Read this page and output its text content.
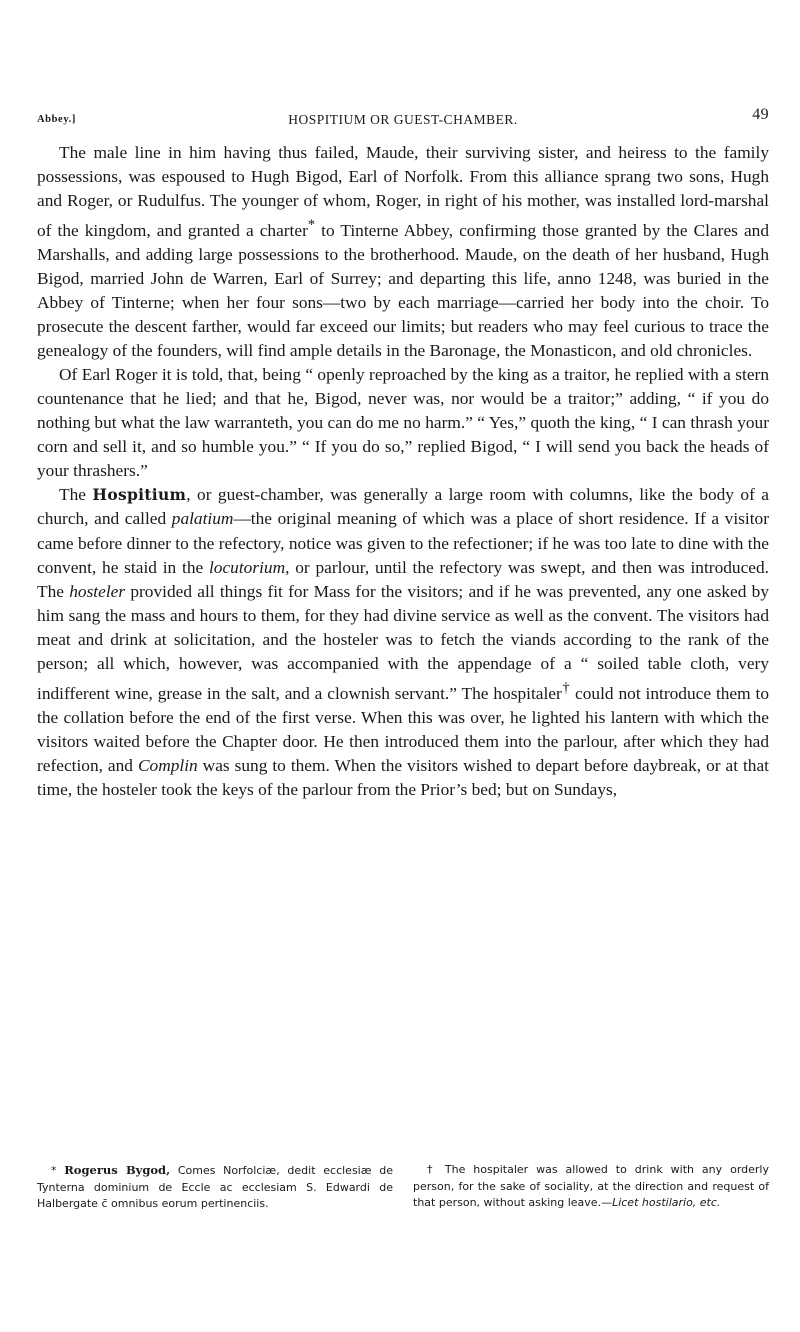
Abbey.]	HOSPITIUM OR GUEST-CHAMBER.	49

The male line in him having thus failed, Maude, their surviving sister, and heiress to the family possessions, was espoused to Hugh Bigod, Earl of Norfolk. From this alliance sprang two sons, Hugh and Roger, or Rudulfus. The younger of whom, Roger, in right of his mother, was installed lord-marshal of the kingdom, and granted a charter* to Tinterne Abbey, confirming those granted by the Clares and Marshalls, and adding large possessions to the brotherhood. Maude, on the death of her husband, Hugh Bigod, married John de Warren, Earl of Surrey; and departing this life, anno 1248, was buried in the Abbey of Tinterne; when her four sons—two by each marriage—carried her body into the choir. To prosecute the descent farther, would far exceed our limits; but readers who may feel curious to trace the genealogy of the founders, will find ample details in the Baronage, the Monasticon, and old chronicles.

Of Earl Roger it is told, that, being “ openly reproached by the king as a traitor, he replied with a stern countenance that he lied; and that he, Bigod, never was, nor would be a traitor;” adding, “ if you do nothing but what the law warranteth, you can do me no harm.” “ Yes,” quoth the king, “ I can thrash your corn and sell it, and so humble you.” “ If you do so,” replied Bigod, “ I will send you back the heads of your thrashers.”

The Hospitium, or guest-chamber, was generally a large room with columns, like the body of a church, and called palatium—the original meaning of which was a place of short residence. If a visitor came before dinner to the refectory, notice was given to the refectioner; if he was too late to dine with the convent, he staid in the locutorium, or parlour, until the refectory was swept, and then was introduced. The hosteler provided all things fit for Mass for the visitors; and if he was prevented, any one asked by him sang the mass and hours to them, for they had divine service as well as the convent. The visitors had meat and drink at solicitation, and the hosteler was to fetch the viands according to the rank of the person; all which, however, was accompanied with the appendage of a “ soiled table cloth, very indifferent wine, grease in the salt, and a clownish servant.” The hospitaler† could not introduce them to the collation before the end of the first verse. When this was over, he lighted his lantern with which the visitors waited before the Chapter door. He then introduced them into the parlour, after which they had refection, and Complin was sung to them. When the visitors wished to depart before daybreak, or at that time, the hosteler took the keys of the parlour from the Prior’s bed; but on Sundays,

* Rogerus Bygod, Comes Norfolciæ, dedit ecclesiæ de Tynterna dominium de Eccle ac ecclesiam S. Edwardi de Halbergate c̄ omnibus eorum pertinenciis.

† The hospitaler was allowed to drink with any orderly person, for the sake of sociality, at the direction and request of that person, without asking leave.—Licet hostilario, etc.
